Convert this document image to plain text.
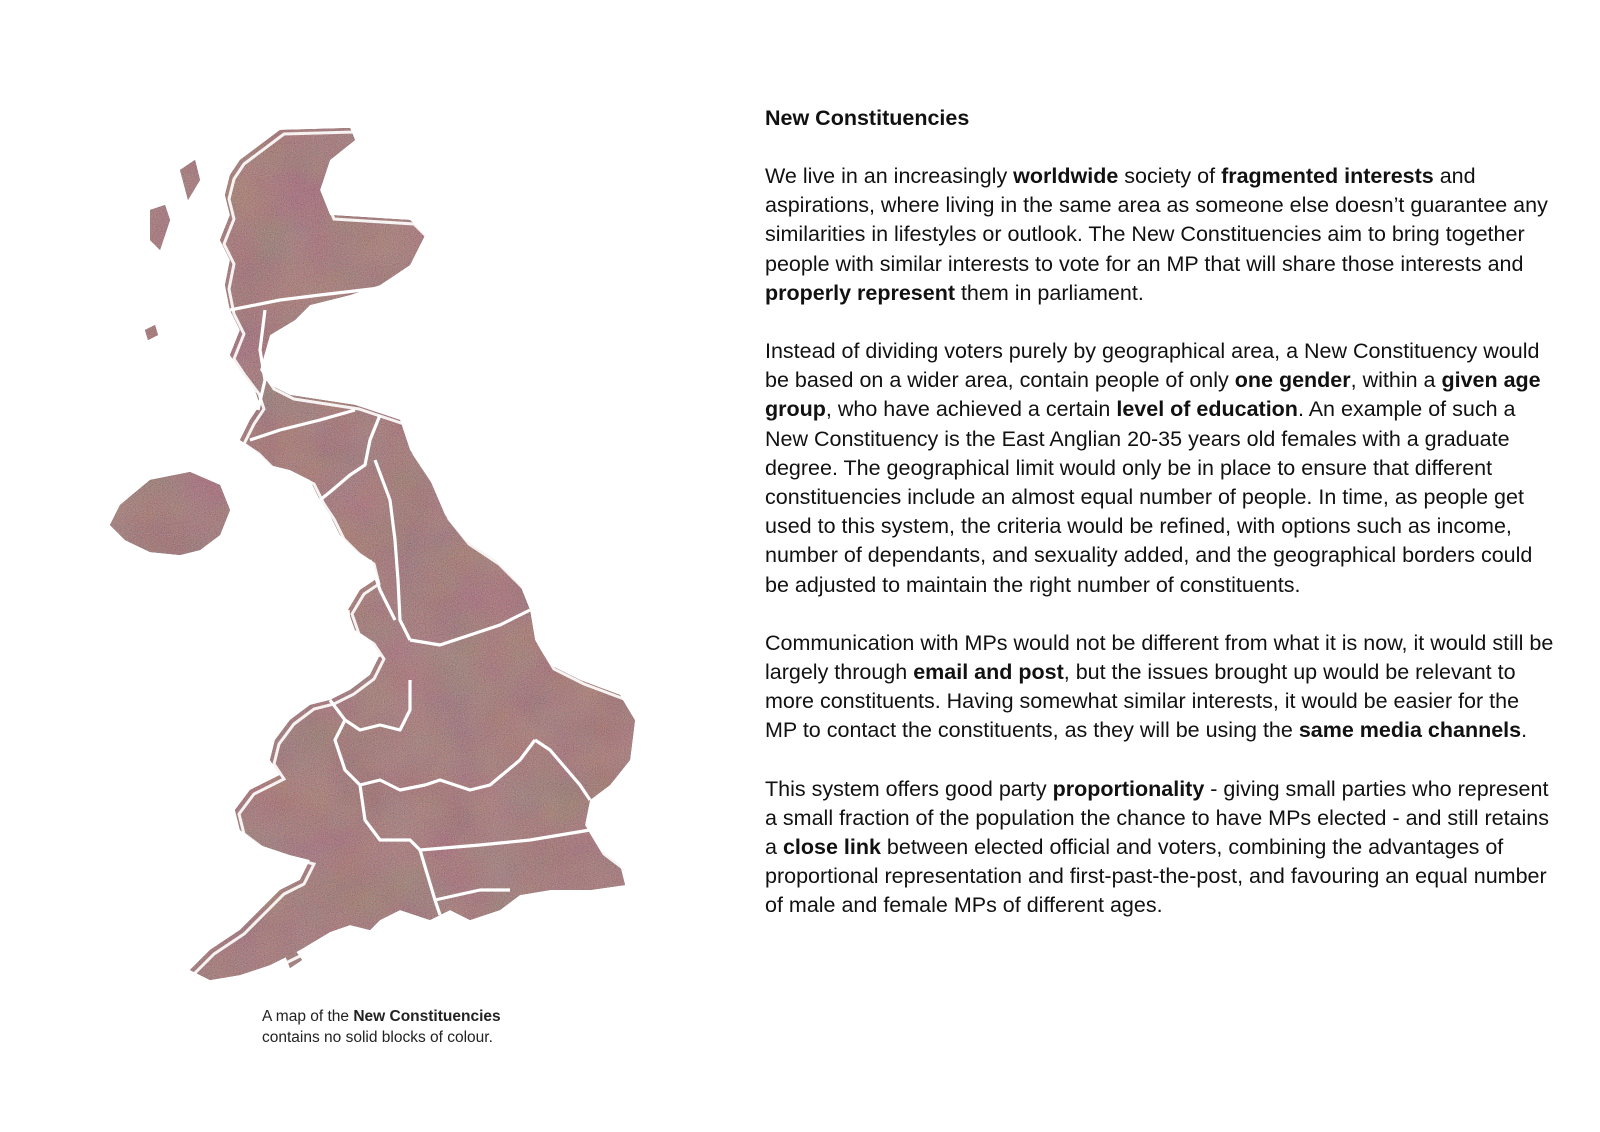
A map of the New Constituencies
contains no solid blocks of colour.
New Constituencies

We live in an increasingly worldwide society of fragmented interests and aspirations, where living in the same area as someone else doesn’t guarantee any similarities in lifestyles or outlook. The New Constituencies aim to bring together people with similar interests to vote for an MP that will share those interests and properly represent them in parliament.

Instead of dividing voters purely by geographical area, a New Constituency would be based on a wider area, contain people of only one gender, within a given age group, who have achieved a certain level of education. An example of such a New Constituency is the East Anglian 20-35 years old females with a graduate degree. The geographical limit would only be in place to ensure that different constituencies include an almost equal number of people. In time, as people get used to this system, the criteria would be refined, with options such as income, number of dependants, and sexuality added, and the geographical borders could be adjusted to maintain the right number of constituents.

Communication with MPs would not be different from what it is now, it would still be largely through email and post, but the issues brought up would be relevant to more constituents. Having somewhat similar interests, it would be easier for the MP to contact the constituents, as they will be using the same media channels.

This system offers good party proportionality - giving small parties who represent a small fraction of the population the chance to have MPs elected - and still retains a close link between elected official and voters, combining the advantages of proportional representation and first-past-the-post, and favouring an equal number of male and female MPs of different ages.
